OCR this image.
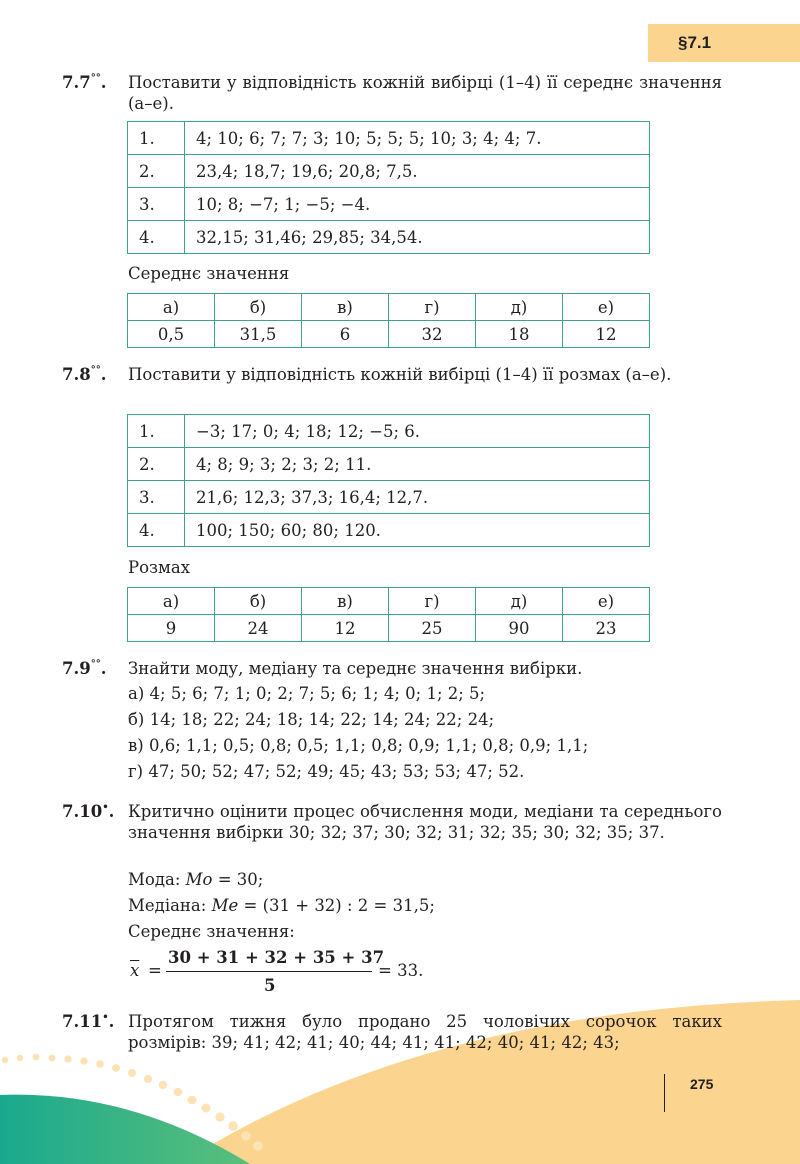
§7.1
7.7°°.	Поставити у відповідність кожній вибірці (1–4) її середнє значення (а–е).
1.	4; 10; 6; 7; 7; 3; 10; 5; 5; 5; 10; 3; 4; 4; 7.
2.	23,4; 18,7; 19,6; 20,8; 7,5.
3.	10; 8; −7; 1; −5; −4.
4.	32,15; 31,46; 29,85; 34,54.
Середнє значення
а)	б)	в)	г)	д)	е)
0,5	31,5	6	32	18	12
7.8°°.	Поставити у відповідність кожній вибірці (1–4) її розмах (а–е).
1.	−3; 17; 0; 4; 18; 12; −5; 6.
2.	4; 8; 9; 3; 2; 3; 2; 11.
3.	21,6; 12,3; 37,3; 16,4; 12,7.
4.	100; 150; 60; 80; 120.
Розмах
а)	б)	в)	г)	д)	е)
9	24	12	25	90	23
7.9°°.	Знайти моду, медіану та середнє значення вибірки.
а) 4; 5; 6; 7; 1; 0; 2; 7; 5; 6; 1; 4; 0; 1; 2; 5;
б) 14; 18; 22; 24; 18; 14; 22; 14; 24; 22; 24;
в) 0,6; 1,1; 0,5; 0,8; 0,5; 1,1; 0,8; 0,9; 1,1; 0,8; 0,9; 1,1;
г) 47; 50; 52; 47; 52; 49; 45; 43; 53; 53; 47; 52.
7.10•. Критично оцінити процес обчислення моди, медіани та середнього значення вибірки 30; 32; 37; 30; 32; 31; 32; 35; 30; 32; 35; 37.
Мода: Mo = 30;
Медіана: Me = (31 + 32) : 2 = 31,5;
Середнє значення:
$\overline{x}$ =
30 + 31 + 32 + 35 + 37
5
= 33.
7.11•. Протягом тижня було продано 25 чоловічих сорочок таких розмірів: 39; 41; 42; 41; 40; 44; 41; 41; 42; 40; 41; 42; 43;
275
